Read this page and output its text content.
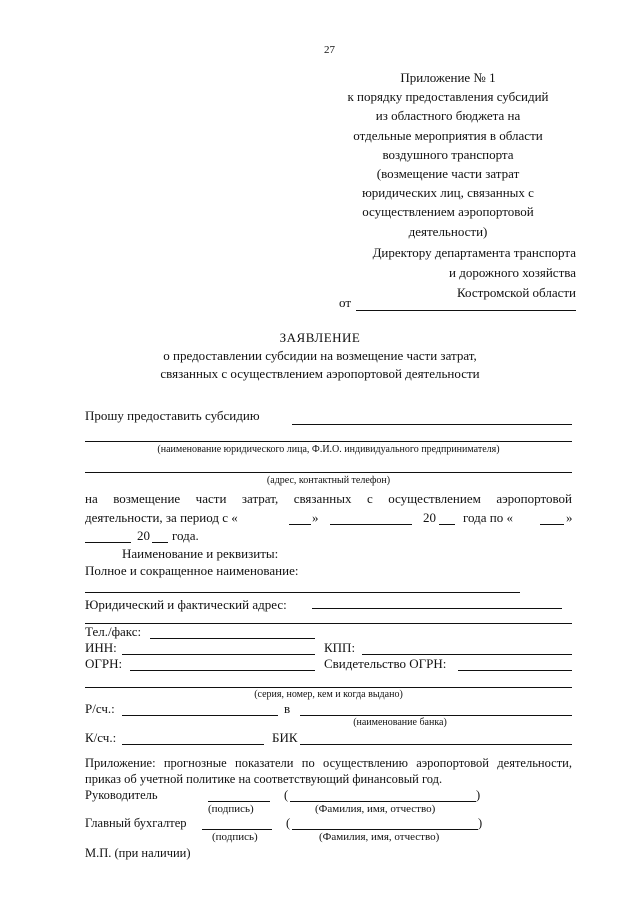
27
Приложение № 1
к порядку предоставления субсидий
из областного бюджета на
отдельные мероприятия в области
воздушного транспорта
(возмещение части затрат
юридических лиц, связанных с
осуществлением аэропортовой
деятельности)
Директору департамента транспорта
и дорожного хозяйства
Костромской области
от
ЗАЯВЛЕНИЕ
о предоставлении субсидии на возмещение части затрат,
связанных с осуществлением аэропортовой деятельности
Прошу предоставить субсидию
(наименование юридического лица, Ф.И.О. индивидуального предпринимателя)
(адрес, контактный телефон)
на возмещение части затрат, связанных с осуществлением аэропортовой
деятельности, за период с «	»	20 года по «	»
20 года.
Наименование и реквизиты:
Полное и сокращенное наименование:
Юридический и фактический адрес:
Тел./факс:
ИНН:	КПП:
ОГРН:	Свидетельство ОГРН:
(серия, номер, кем и когда выдано)
Р/сч.:	в
(наименование банка)
К/сч.:	БИК
Приложение: прогнозные показатели по осуществлению аэропортовой деятельности,
приказ об учетной политике на соответствующий финансовый год.
Руководитель	(	)
(подпись)	(Фамилия, имя, отчество)
Главный бухгалтер	(	)
(подпись)	(Фамилия, имя, отчество)
М.П. (при наличии)
